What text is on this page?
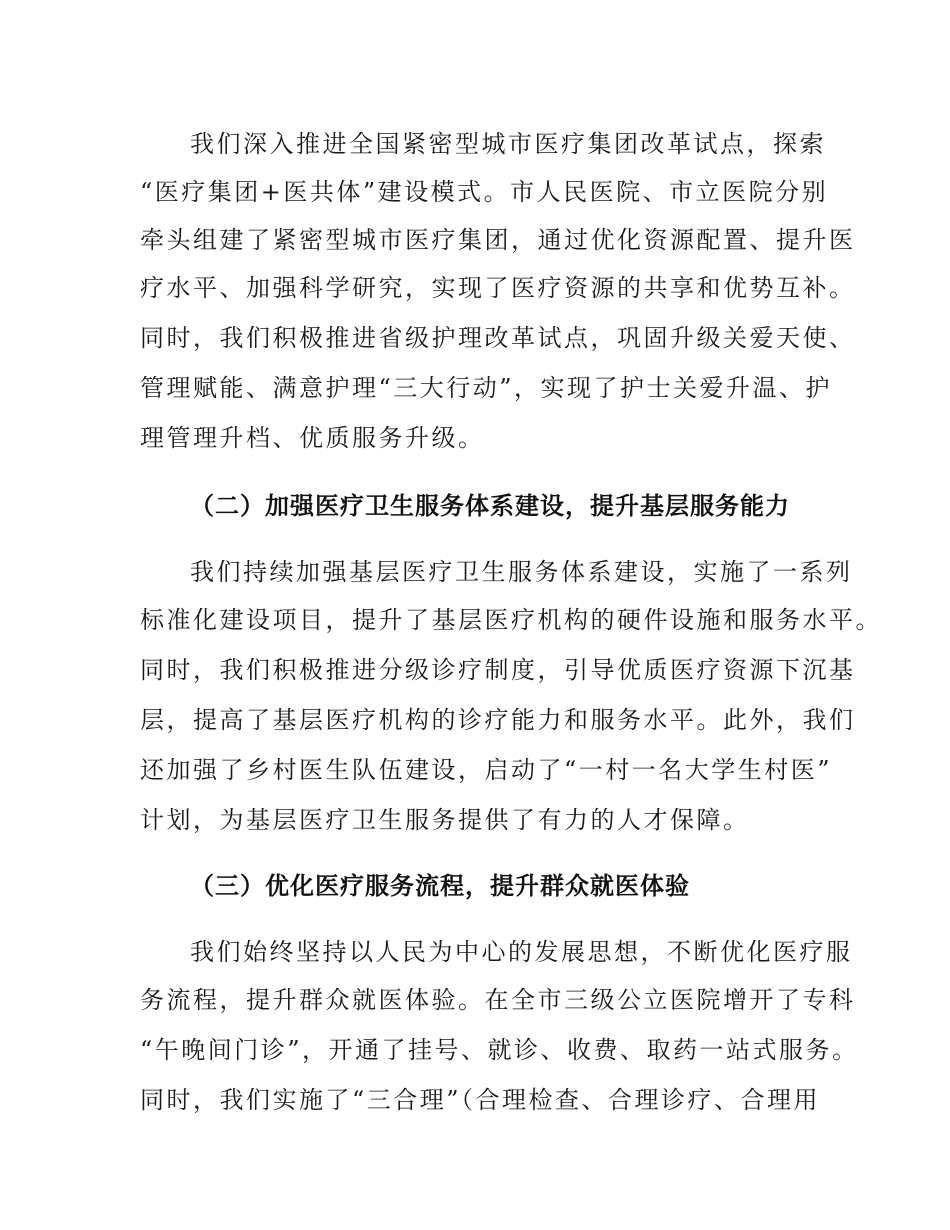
我们深入推进全国紧密型城市医疗集团改革试点，探索
“医疗集团+医共体”建设模式。市人民医院、市立医院分别
牵头组建了紧密型城市医疗集团，通过优化资源配置、提升医
疗水平、加强科学研究，实现了医疗资源的共享和优势互补。
同时，我们积极推进省级护理改革试点，巩固升级关爱天使、
管理赋能、满意护理“三大行动”，实现了护士关爱升温、护
理管理升档、优质服务升级。
（二）加强医疗卫生服务体系建设，提升基层服务能力
我们持续加强基层医疗卫生服务体系建设，实施了一系列
标准化建设项目，提升了基层医疗机构的硬件设施和服务水平。
同时，我们积极推进分级诊疗制度，引导优质医疗资源下沉基
层，提高了基层医疗机构的诊疗能力和服务水平。此外，我们
还加强了乡村医生队伍建设，启动了“一村一名大学生村医”
计划，为基层医疗卫生服务提供了有力的人才保障。
（三）优化医疗服务流程，提升群众就医体验
我们始终坚持以人民为中心的发展思想，不断优化医疗服
务流程，提升群众就医体验。在全市三级公立医院增开了专科
“午晚间门诊”，开通了挂号、就诊、收费、取药一站式服务。
同时，我们实施了“三合理”（合理检查、合理诊疗、合理用
